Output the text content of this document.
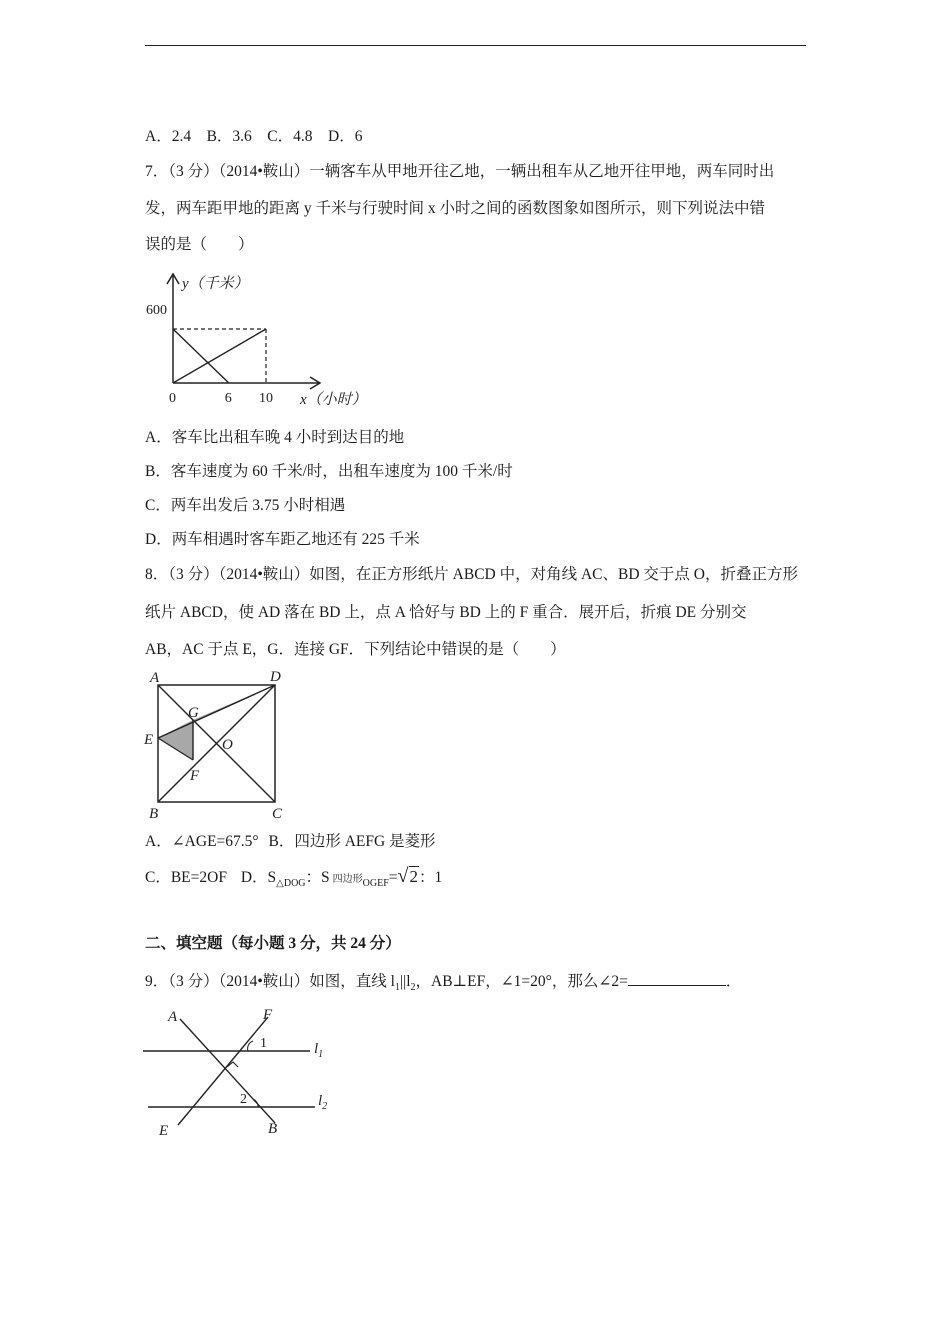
A．2.4　B．3.6　C．4.8　D．6
7．（3 分）（2014•鞍山）一辆客车从甲地开往乙地，一辆出租车从乙地开往甲地，两车同时出
发，两车距甲地的距离 y 千米与行驶时间 x 小时之间的函数图象如图所示，则下列说法中错
误的是（　　）
y（千米）
x（小时）
600
0	6 10
A．客车比出租车晚 4 小时到达目的地
B．客车速度为 60 千米/时，出租车速度为 100 千米/时
C．两车出发后 3.75 小时相遇
D．两车相遇时客车距乙地还有 225 千米
8．（3 分）（2014•鞍山）如图，在正方形纸片 ABCD 中，对角线 AC、BD 交于点 O，折叠正方形
纸片 ABCD，使 AD 落在 BD 上，点 A 恰好与 BD 上的 F 重合．展开后，折痕 DE 分别交
AB，AC 于点 E，G．连接 GF．下列结论中错误的是（　　）
A	D
E
G
O
F
B	C
A．∠AGE=67.5° B．四边形 AEFG 是菱形
C．BE=2OF D．$S_{\triangle DOG}$：S 四边形$_{OGEF}$=√2：1
二、填空题（每小题 3 分，共 24 分）
9．（3 分）（2014•鞍山）如图，直线 $l_1||l_2$，AB⊥EF，∠1=20°，那么∠2=	．
A	F
1
2
$l_1$
$l_2$
E	B
